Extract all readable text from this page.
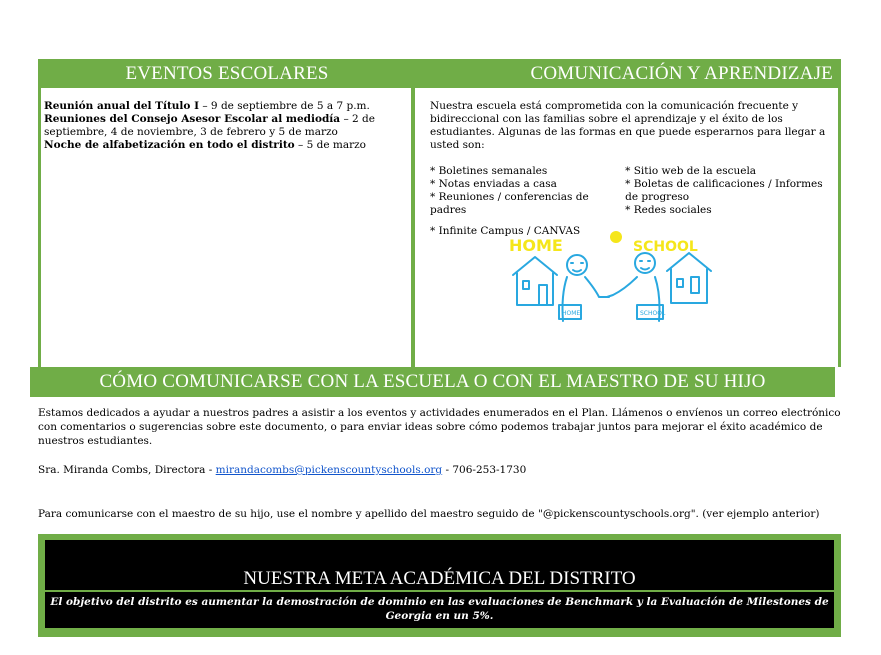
EVENTOS ESCOLARES	COMUNICACIÓN Y APRENDIZAJE
Reunión anual del Título I – 9 de septiembre de 5 a 7 p.m.
Reuniones del Consejo Asesor Escolar al mediodía – 2 de septiembre, 4 de noviembre, 3 de febrero y 5 de marzo
Noche de alfabetización en todo el distrito – 5 de marzo
Nuestra escuela está comprometida con la comunicación frecuente y bidireccional con las familias sobre el aprendizaje y el éxito de los estudiantes. Algunas de las formas en que puede esperarnos para llegar a usted son:
* Boletines semanales
* Notas enviadas a casa
* Reuniones / conferencias de padres
* Sitio web de la escuela
* Boletas de calificaciones / Informes de progreso
* Redes sociales
* Infinite Campus / CANVAS
HOME	SCHOOL
HOME	SCHOOL
CÓMO COMUNICARSE CON LA ESCUELA O CON EL MAESTRO DE SU HIJO
Estamos dedicados a ayudar a nuestros padres a asistir a los eventos y actividades enumerados en el Plan. Llámenos o envíenos un correo electrónico con comentarios o sugerencias sobre este documento, o para enviar ideas sobre cómo podemos trabajar juntos para mejorar el éxito académico de nuestros estudiantes.
Sra. Miranda Combs, Directora - mirandacombs@pickenscountyschools.org - 706-253-1730
Para comunicarse con el maestro de su hijo, use el nombre y apellido del maestro seguido de "@pickenscountyschools.org". (ver ejemplo anterior)
NUESTRA META ACADÉMICA DEL DISTRITO
El objetivo del distrito es aumentar la demostración de dominio en las evaluaciones de Benchmark y la Evaluación de Milestones de Georgia en un 5%.
